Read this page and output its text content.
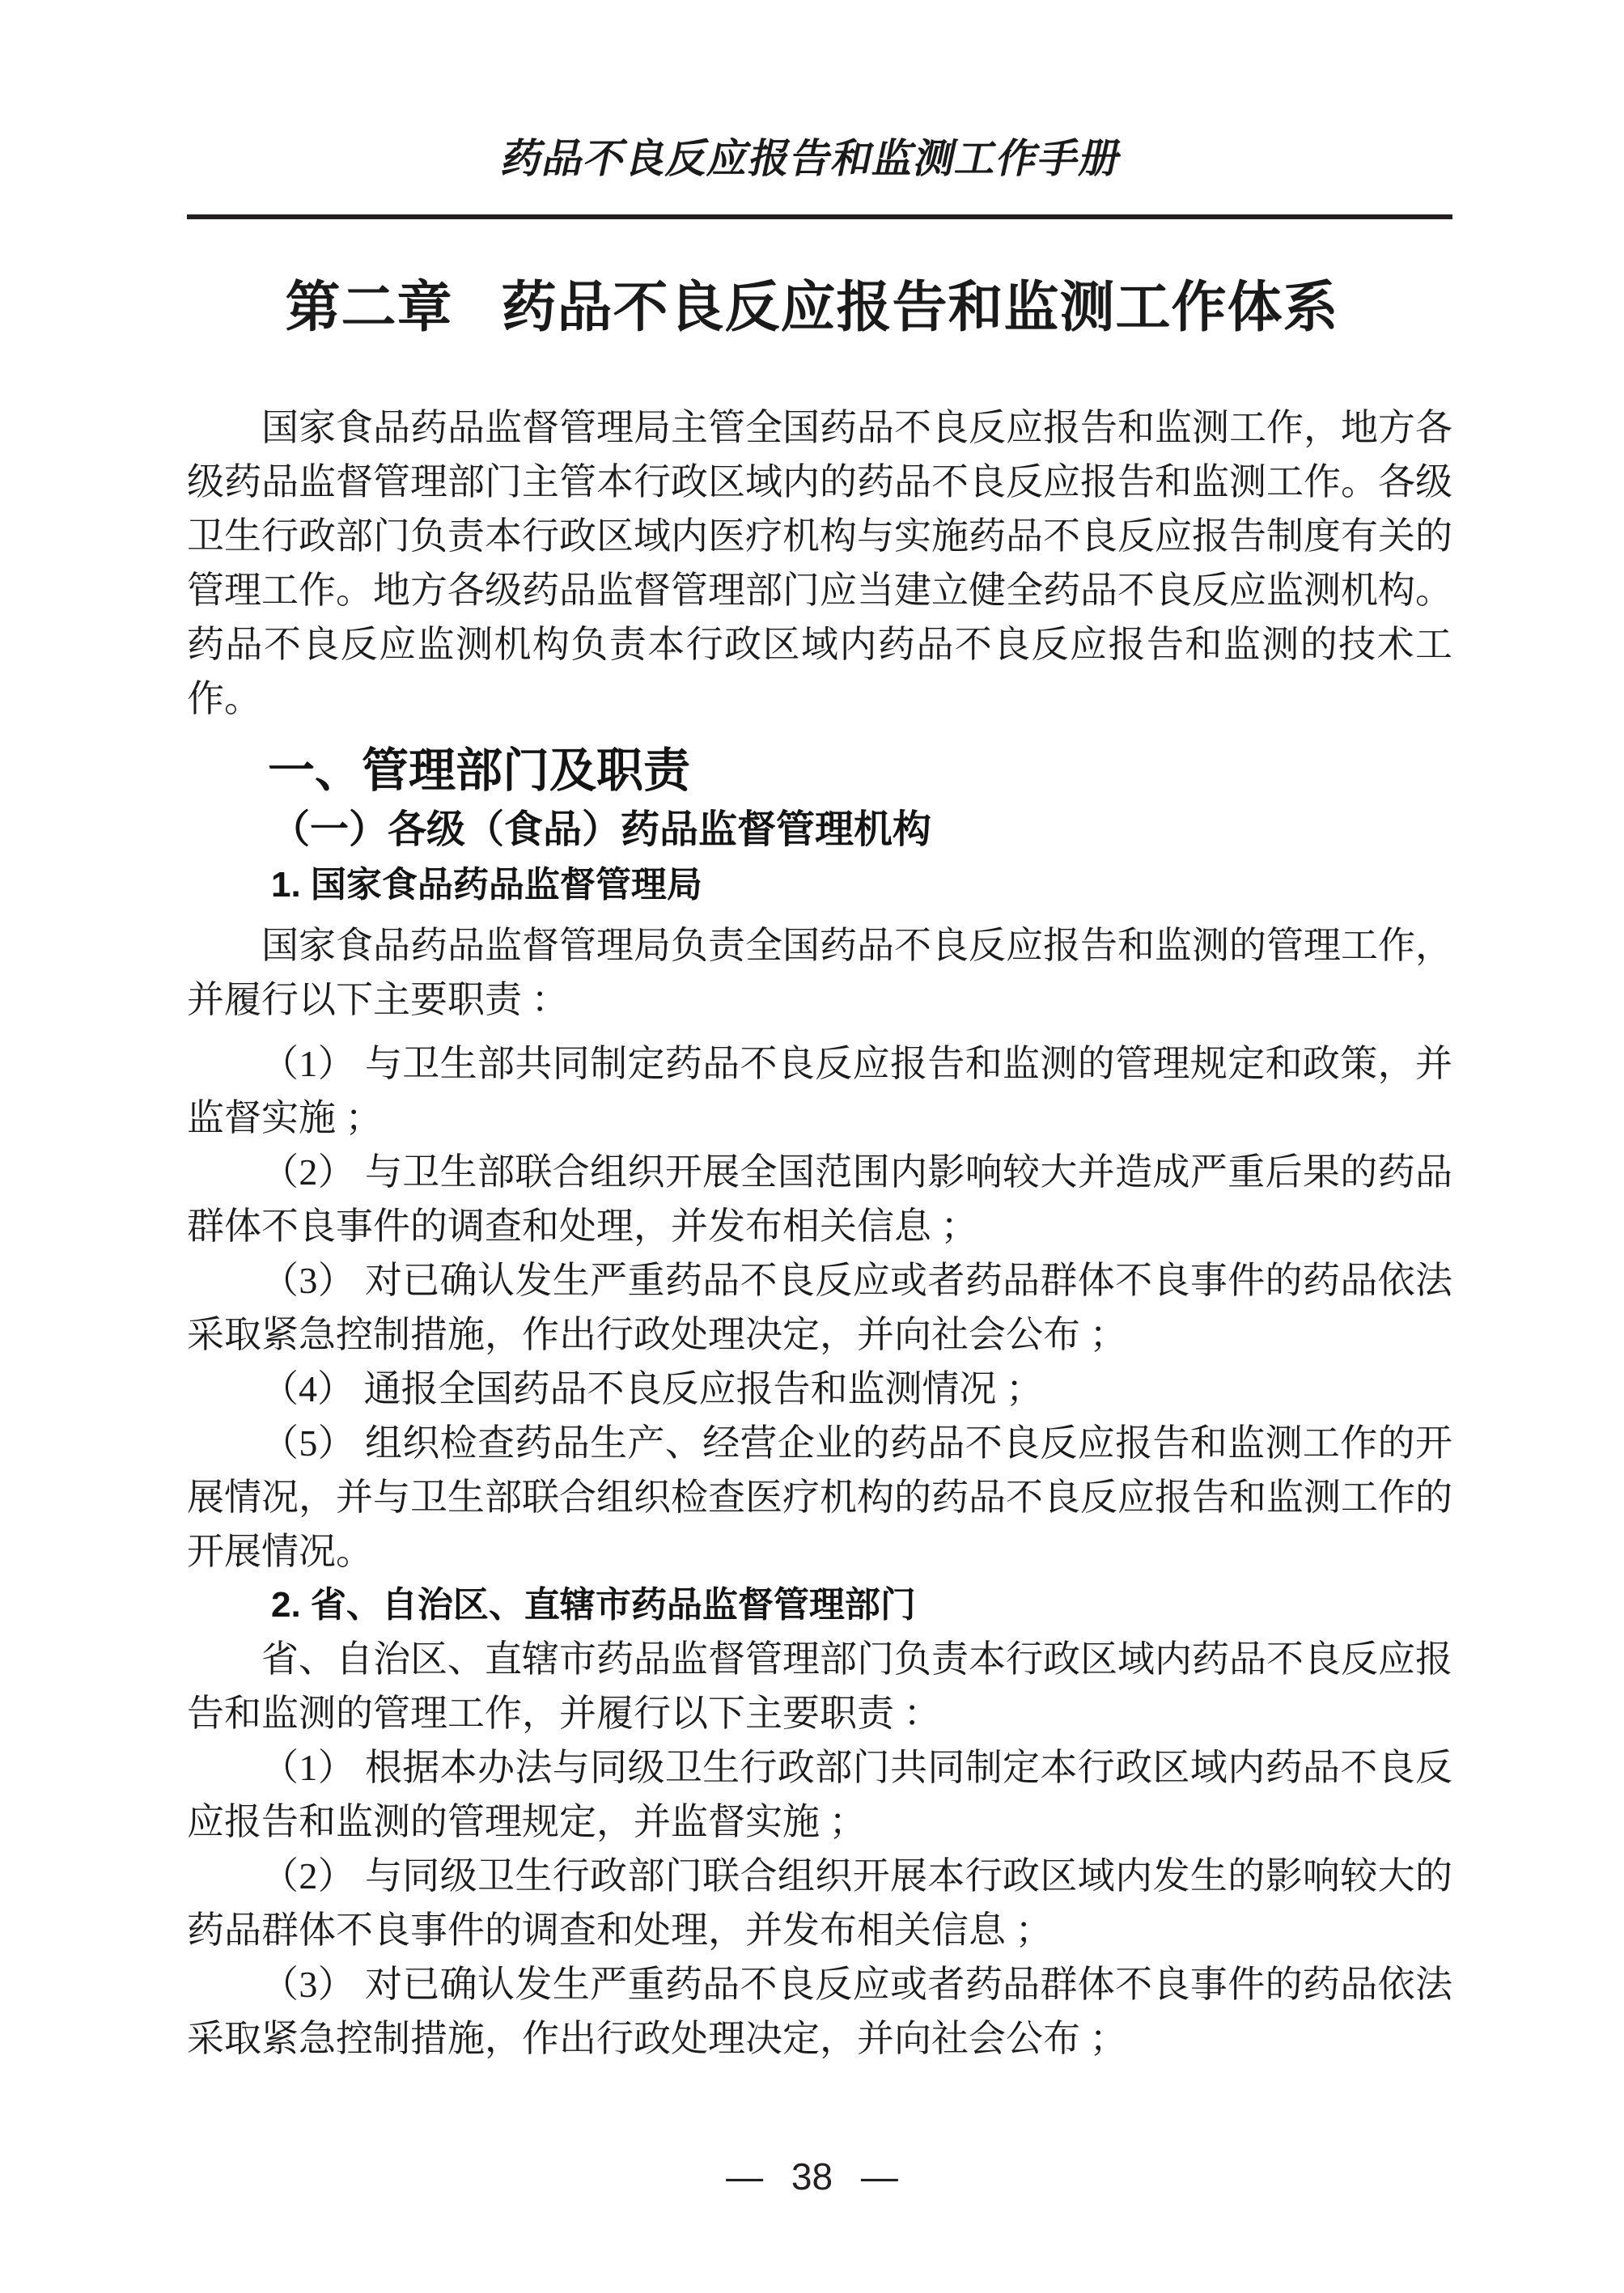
药品不良反应报告和监测工作手册
第二章 药品不良反应报告和监测工作体系

国家食品药品监督管理局主管全国药品不良反应报告和监测工作，地方各级药品监督管理部门主管本行政区域内的药品不良反应报告和监测工作。各级卫生行政部门负责本行政区域内医疗机构与实施药品不良反应报告制度有关的管理工作。地方各级药品监督管理部门应当建立健全药品不良反应监测机构。药品不良反应监测机构负责本行政区域内药品不良反应报告和监测的技术工作。

一、管理部门及职责
（一）各级（食品）药品监督管理机构
1. 国家食品药品监督管理局

国家食品药品监督管理局负责全国药品不良反应报告和监测的管理工作，并履行以下主要职责 ：

（1） 与卫生部共同制定药品不良反应报告和监测的管理规定和政策，并监督实施 ；

（2） 与卫生部联合组织开展全国范围内影响较大并造成严重后果的药品群体不良事件的调查和处理，并发布相关信息 ；

（3） 对已确认发生严重药品不良反应或者药品群体不良事件的药品依法采取紧急控制措施，作出行政处理决定，并向社会公布 ；

（4） 通报全国药品不良反应报告和监测情况 ；

（5） 组织检查药品生产、经营企业的药品不良反应报告和监测工作的开展情况，并与卫生部联合组织检查医疗机构的药品不良反应报告和监测工作的开展情况。

2. 省、自治区、直辖市药品监督管理部门

省、自治区、直辖市药品监督管理部门负责本行政区域内药品不良反应报告和监测的管理工作，并履行以下主要职责 ：

（1） 根据本办法与同级卫生行政部门共同制定本行政区域内药品不良反应报告和监测的管理规定，并监督实施 ；

（2） 与同级卫生行政部门联合组织开展本行政区域内发生的影响较大的药品群体不良事件的调查和处理，并发布相关信息 ；

（3） 对已确认发生严重药品不良反应或者药品群体不良事件的药品依法采取紧急控制措施，作出行政处理决定，并向社会公布 ；

— 38 —
